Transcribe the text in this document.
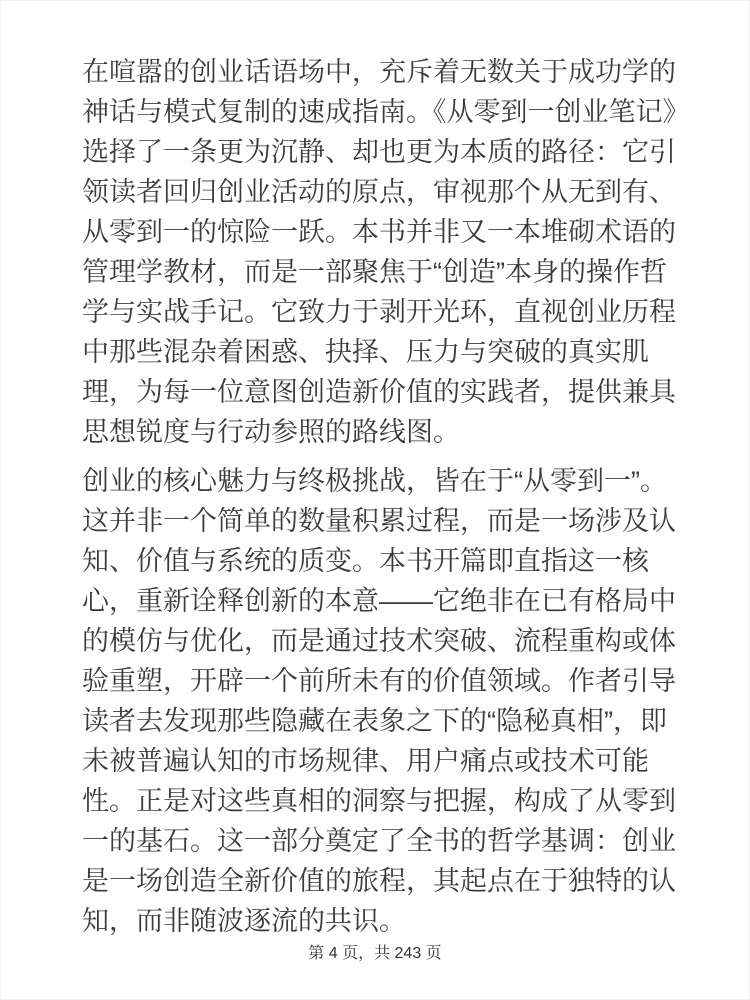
在喧嚣的创业话语场中，充斥着无数关于成功学的神话与模式复制的速成指南。《从零到一创业笔记》选择了一条更为沉静、却也更为本质的路径：它引领读者回归创业活动的原点，审视那个从无到有、从零到一的惊险一跃。本书并非又一本堆砌术语的管理学教材，而是一部聚焦于“创造”本身的操作哲学与实战手记。它致力于剥开光环，直视创业历程中那些混杂着困惑、抉择、压力与突破的真实肌理，为每一位意图创造新价值的实践者，提供兼具思想锐度与行动参照的路线图。

创业的核心魅力与终极挑战，皆在于“从零到一”。这并非一个简单的数量积累过程，而是一场涉及认知、价值与系统的质变。本书开篇即直指这一核心，重新诠释创新的本意——它绝非在已有格局中的模仿与优化，而是通过技术突破、流程重构或体验重塑，开辟一个前所未有的价值领域。作者引导读者去发现那些隐藏在表象之下的“隐秘真相”，即未被普遍认知的市场规律、用户痛点或技术可能性。正是对这些真相的洞察与把握，构成了从零到一的基石。这一部分奠定了全书的哲学基调：创业是一场创造全新价值的旅程，其起点在于独特的认知，而非随波逐流的共识。

第 4 页，共 243 页
